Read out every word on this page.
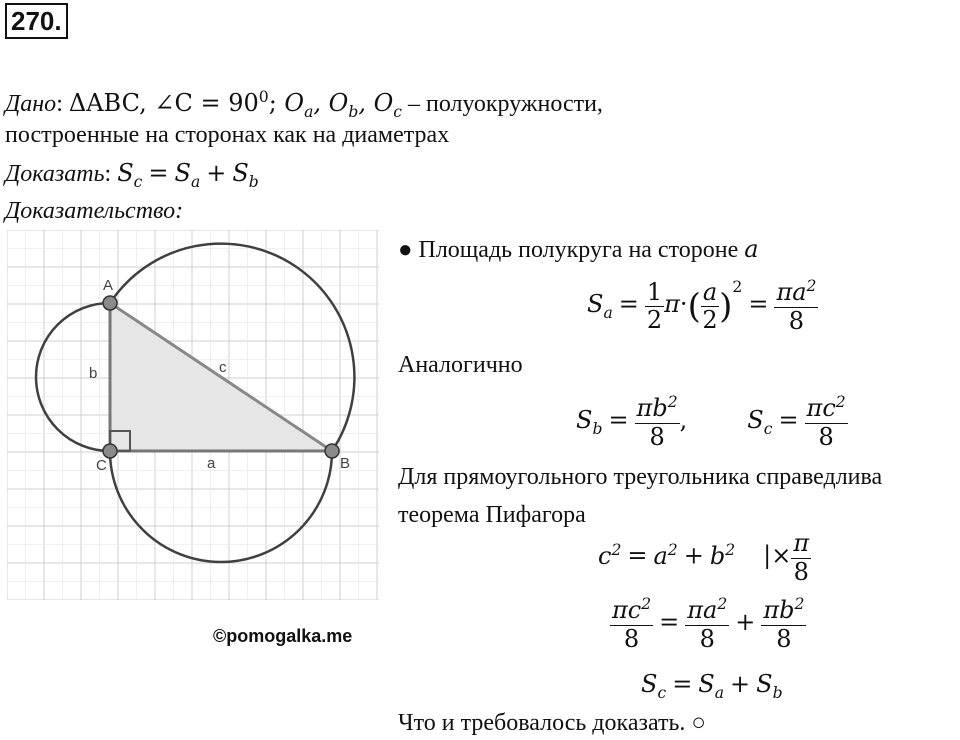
270.
Дано: ΔABC, ∠C = $90^0$; $O_a$, $O_b$, $O_c$ – полуокружности,
построенные на сторонах как на диаметрах
Доказать: $S_c = S_a + S_b$
Доказательство:
A
B
C	a
b	c
©pomogalka.me
● Площадь полукруга на стороне a
$S_a = \frac{1}{2} \pi\cdot( \frac{a}{2} )^2 = \frac{\pi a^2}{8}$
Аналогично
$S_b = \frac{\pi b^2}{8}$ ,	$S_c = \frac{\pi c^2}{8}$
Для прямоугольного треугольника справедлива
теорема Пифагора
$c^2 = a^2 + b^2$ |× $\frac{\pi}{8}$
$\frac{\pi c^2}{8} = \frac{\pi a^2}{8} + \frac{\pi b^2}{8}$
$S_c = S_a + S_b$
Что и требовалось доказать. ○
